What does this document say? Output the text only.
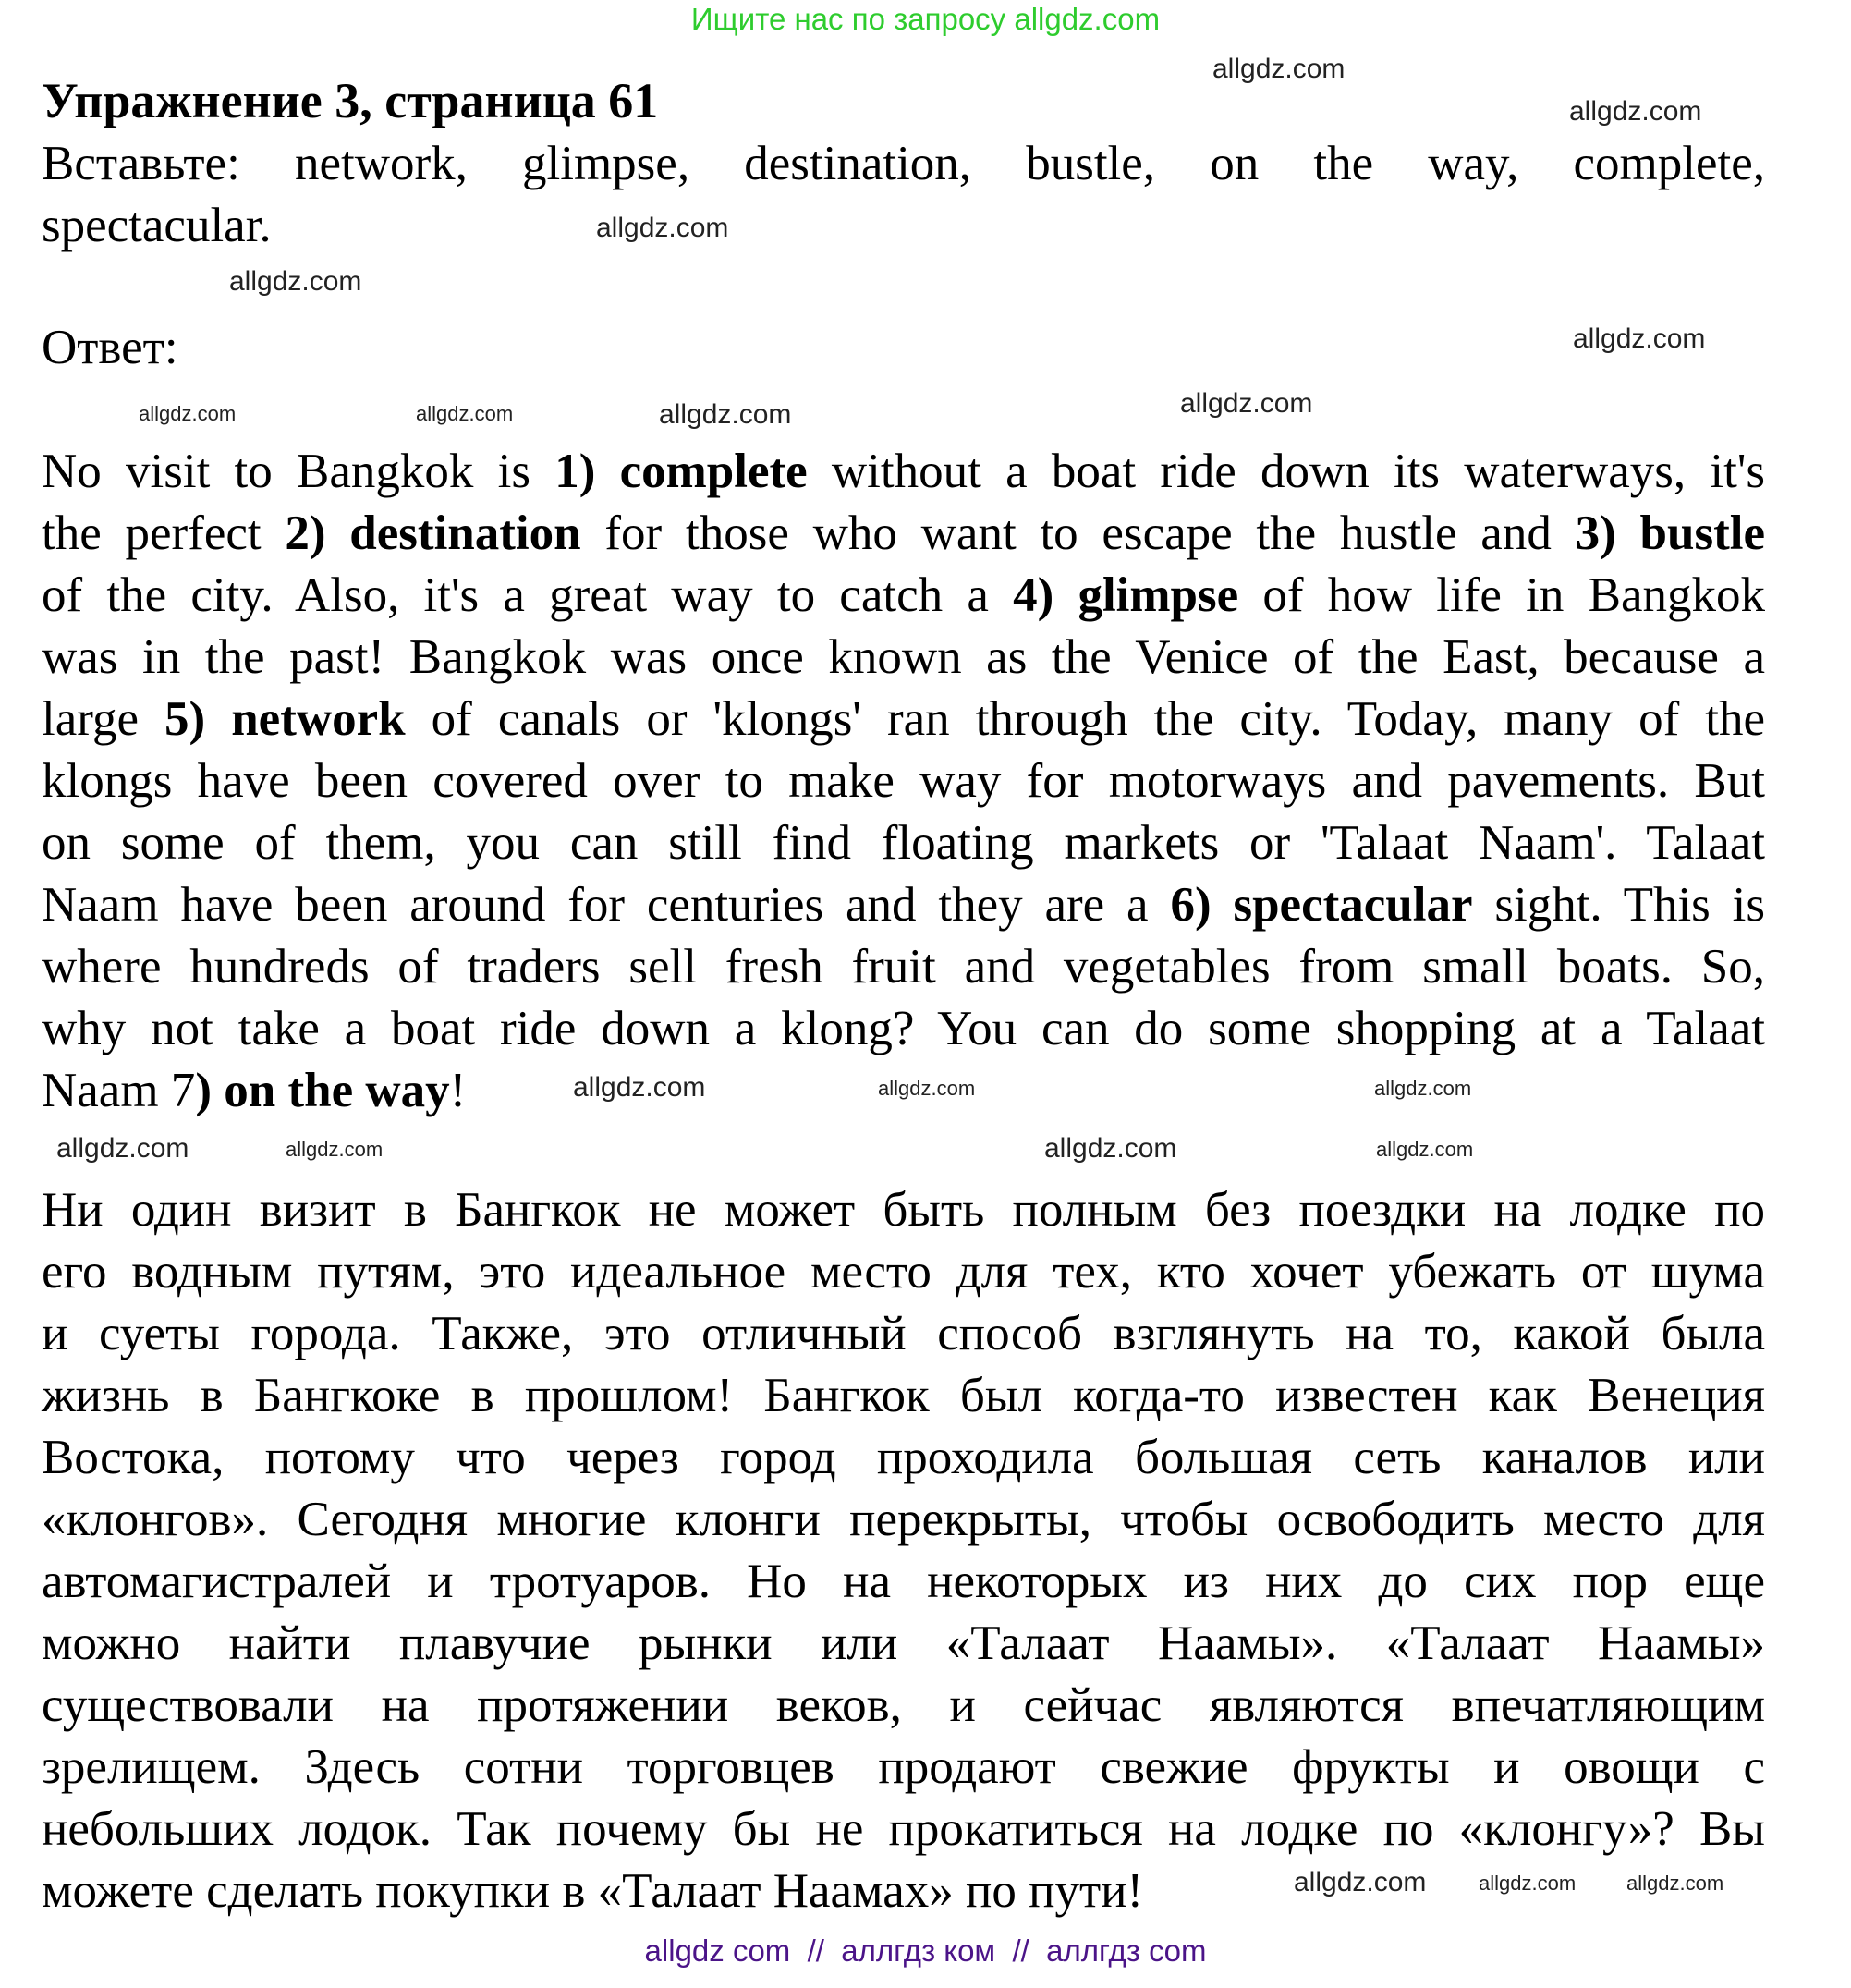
Ищите нас по запросу allgdz.com
Упражнение 3, страница 61
Вставьте: network, glimpse, destination, bustle, on the way, complete,
spectacular.
Ответ:
No visit to Bangkok is 1) complete without a boat ride down its waterways, it's
the perfect 2) destination for those who want to escape the hustle and 3) bustle
of the city. Also, it's a great way to catch a 4) glimpse of how life in Bangkok
was in the past! Bangkok was once known as the Venice of the East, because a
large 5) network of canals or 'klongs' ran through the city. Today, many of the
klongs have been covered over to make way for motorways and pavements. But
on some of them, you can still find floating markets or 'Talaat Naam'. Talaat
Naam have been around for centuries and they are a 6) spectacular sight. This is
where hundreds of traders sell fresh fruit and vegetables from small boats. So,
why not take a boat ride down a klong? You can do some shopping at a Talaat
Naam 7) on the way!
Ни один визит в Бангкок не может быть полным без поездки на лодке по
его водным путям, это идеальное место для тех, кто хочет убежать от шума
и суеты города. Также, это отличный способ взглянуть на то, какой была
жизнь в Бангкоке в прошлом! Бангкок был когда-то известен как Венеция
Востока, потому что через город проходила большая сеть каналов или
«клонгов». Сегодня многие клонги перекрыты, чтобы освободить место для
автомагистралей и тротуаров. Но на некоторых из них до сих пор еще
можно найти плавучие рынки или «Талаат Наамы». «Талаат Наамы»
существовали на протяжении веков, и сейчас являются впечатляющим
зрелищем. Здесь сотни торговцев продают свежие фрукты и овощи с
небольших лодок. Так почему бы не прокатиться на лодке по «клонгу»? Вы
можете сделать покупки в «Талаат Наамах» по пути!
allgdz.com
allgdz.com
allgdz.com
allgdz.com
allgdz.com
allgdz.com
allgdz.com
allgdz.com	allgdz.com
allgdz.com	allgdz.com	allgdz.com
allgdz.com	allgdz.com	allgdz.com	allgdz.com
allgdz.com	allgdz.com allgdz.com
allgdz com  //  аллгдз ком  //  аллгдз com
